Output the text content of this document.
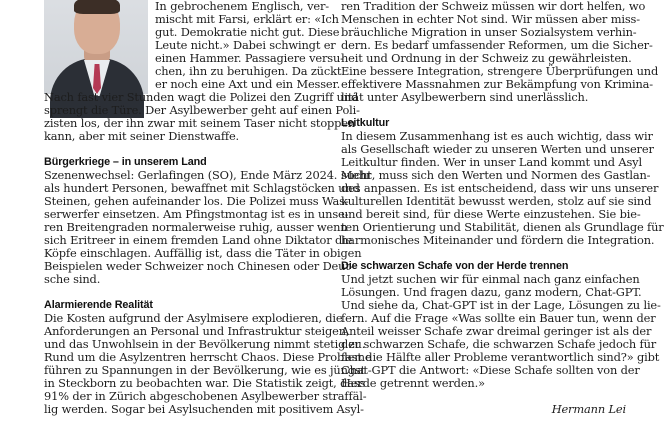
In gebrochenem Englisch, ver-
mischt mit Farsi, erklärt er: «Ich
gut. Demokratie nicht gut. Diese
Leute nicht.» Dabei schwingt er
einen Hammer. Passagiere versu-
chen, ihn zu beruhigen. Da zückt
er noch eine Axt und ein Messer.
Nach fast vier Stunden wagt die Polizei den Zugriff und
sprengt die Türe. Der Asylbewerber geht auf einen Poli-
zisten los, der ihn zwar mit seinem Taser nicht stoppen
kann, aber mit seiner Dienstwaffe.
Bürgerkriege – in unserem Land
Szenenwechsel: Gerlafingen (SO), Ende März 2024. Mehr
als hundert Personen, bewaffnet mit Schlagstöcken und
Steinen, gehen aufeinander los. Die Polizei muss Was-
serwerfer einsetzen. Am Pfingstmontag ist es in unse-
ren Breitengraden normalerweise ruhig, ausser wenn
sich Eritreer in einem fremden Land ohne Diktator die
Köpfe einschlagen. Auffällig ist, dass die Täter in obigen
Beispielen weder Schweizer noch Chinesen oder Deut-
sche sind.
Alarmierende Realität
Die Kosten aufgrund der Asylmisere explodieren, die
Anforderungen an Personal und Infrastruktur steigen,
und das Unwohlsein in der Bevölkerung nimmt stetig zu.
Rund um die Asylzentren herrscht Chaos. Diese Probleme
führen zu Spannungen in der Bevölkerung, wie es jüngst
in Steckborn zu beobachten war. Die Statistik zeigt, dass
91% der in Zürich abgeschobenen Asylbewerber straffäl-
lig werden. Sogar bei Asylsuchenden mit positivem Asyl-
ren Tradition der Schweiz müssen wir dort helfen, wo
Menschen in echter Not sind. Wir müssen aber miss-
bräuchliche Migration in unser Sozialsystem verhin-
dern. Es bedarf umfassender Reformen, um die Sicher-
heit und Ordnung in der Schweiz zu gewährleisten.
Eine bessere Integration, strengere Überprüfungen und
effektivere Massnahmen zur Bekämpfung von Krimina-
lität unter Asylbewerbern sind unerlässlich.
Leitkultur
In diesem Zusammenhang ist es auch wichtig, dass wir
als Gesellschaft wieder zu unseren Werten und unserer
Leitkultur finden. Wer in unser Land kommt und Asyl
sucht, muss sich den Werten und Normen des Gastlan-
des anpassen. Es ist entscheidend, dass wir uns unserer
kulturellen Identität bewusst werden, stolz auf sie sind
und bereit sind, für diese Werte einzustehen. Sie bie-
ten Orientierung und Stabilität, dienen als Grundlage für
harmonisches Miteinander und fördern die Integration.
Die schwarzen Schafe von der Herde trennen
Und jetzt suchen wir für einmal nach ganz einfachen
Lösungen. Und fragen dazu, ganz modern, Chat-GPT.
Und siehe da, Chat-GPT ist in der Lage, Lösungen zu lie-
fern. Auf die Frage «Was sollte ein Bauer tun, wenn der
Anteil weisser Schafe zwar dreimal geringer ist als der
der schwarzen Schafe, die schwarzen Schafe jedoch für
fast die Hälfte aller Probleme verantwortlich sind?» gibt
Chat-GPT die Antwort: «Diese Schafe sollten von der
Herde getrennt werden.»
Hermann Lei
